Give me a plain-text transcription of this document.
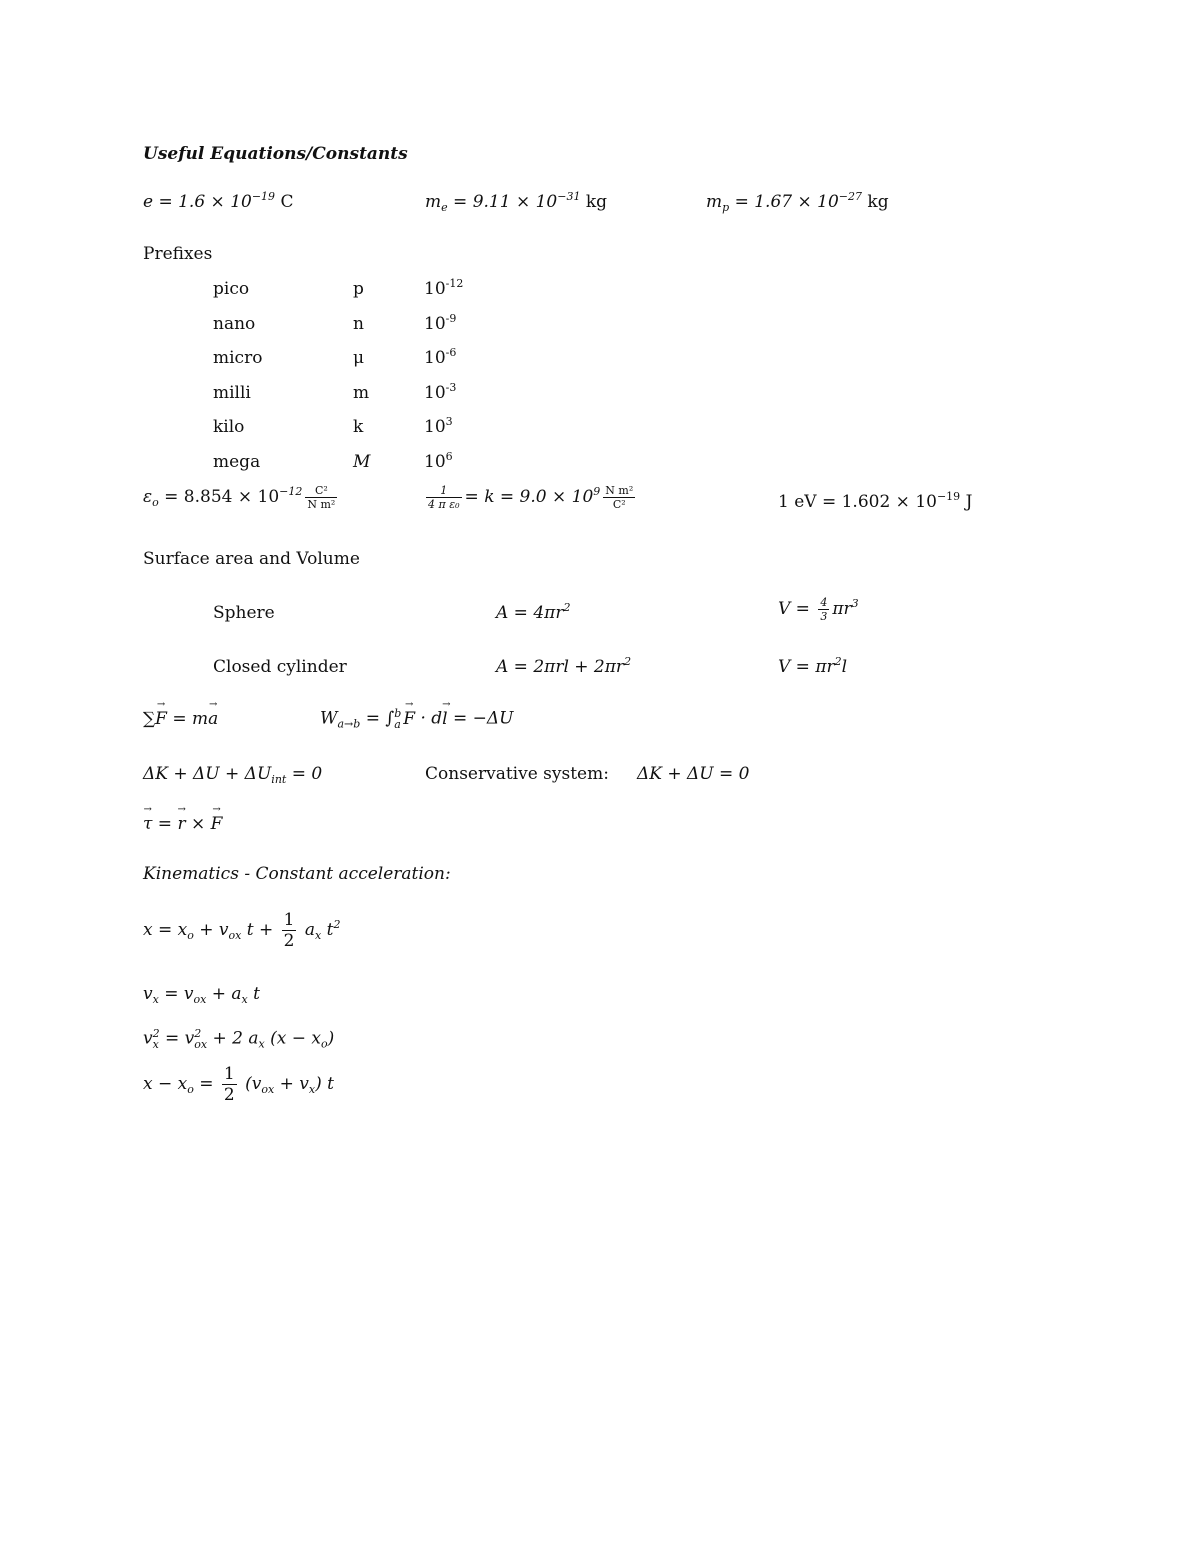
Useful Equations/Constants
$e = 1.6 \times 10^{-19}$ C	$m_e = 9.11 \times 10^{-31}$ kg	$m_p = 1.67 \times 10^{-27}$ kg
Prefixes
pico	p	$10^{-12}$
nano	n	$10^{-9}$
micro	μ	$10^{-6}$
milli	m	$10^{-3}$
kilo	k	$10^3$
mega	M	$10^6$
$\varepsilon_o = 8.854 \times 10^{-12} \frac{\text{C²}}{\text{N m²}}$	$\frac{1}{\text{4 π ε₀}} = k = 9.0 \times 10^9 \frac{\text{N m²}}{\text{C²}}$	1 eV = $1.602 \times 10^{-19}$ J
Surface area and Volume
Sphere	$A = 4\pi r^2$	$V = \frac{4}{3} \pi r^3$
Closed cylinder	$A = 2\pi rl + 2\pi r^2$	$V = \pi r^2l$
∑→ F = m→ a	$W_{a\to b}$ = ∫ b
a → F · d→ l = −ΔU
$\Delta K + \Delta U + \Delta U_{int} = 0$	Conservative system: ΔK + ΔU = 0
→ τ = → r × → F
Kinematics - Constant acceleration:
$x = x_o + v_{ox}$ $t + \frac{1}{2} a_x$ $t^2$
$v_x = v_{ox} + a_x$ t
v 2
x = v 2
ox + 2 $a_x$ $(x - x_o)$
$x - x_o = \frac{1}{2} (v_{ox} + v_x)$ t
